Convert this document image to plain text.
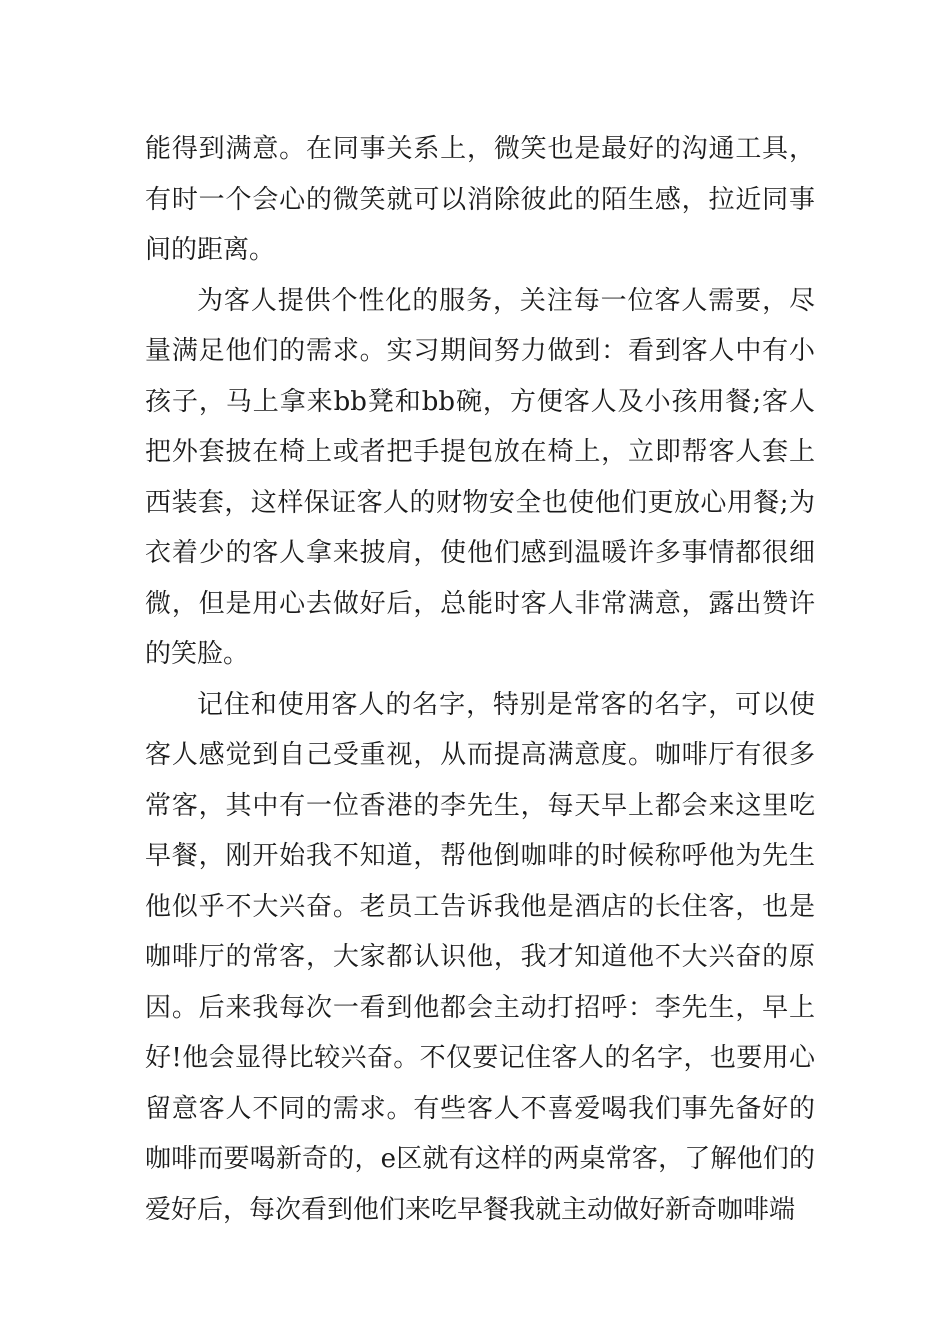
能得到满意。在同事关系上，微笑也是最好的沟通工具，有时一个会心的微笑就可以消除彼此的陌生感，拉近同事间的距离。

为客人提供个性化的服务，关注每一位客人需要，尽量满足他们的需求。实习期间努力做到：看到客人中有小孩子，马上拿来bb凳和bb碗，方便客人及小孩用餐;客人把外套披在椅上或者把手提包放在椅上，立即帮客人套上西装套，这样保证客人的财物安全也使他们更放心用餐;为衣着少的客人拿来披肩，使他们感到温暖许多事情都很细微，但是用心去做好后，总能时客人非常满意，露出赞许的笑脸。

记住和使用客人的名字，特别是常客的名字，可以使客人感觉到自己受重视，从而提高满意度。咖啡厅有很多常客，其中有一位香港的李先生，每天早上都会来这里吃早餐，刚开始我不知道，帮他倒咖啡的时候称呼他为先生他似乎不大兴奋。老员工告诉我他是酒店的长住客，也是咖啡厅的常客，大家都认识他，我才知道他不大兴奋的原因。后来我每次一看到他都会主动打招呼：李先生，早上好!他会显得比较兴奋。不仅要记住客人的名字，也要用心留意客人不同的需求。有些客人不喜爱喝我们事先备好的咖啡而要喝新奇的，e区就有这样的两桌常客，了解他们的爱好后，每次看到他们来吃早餐我就主动做好新奇咖啡端
